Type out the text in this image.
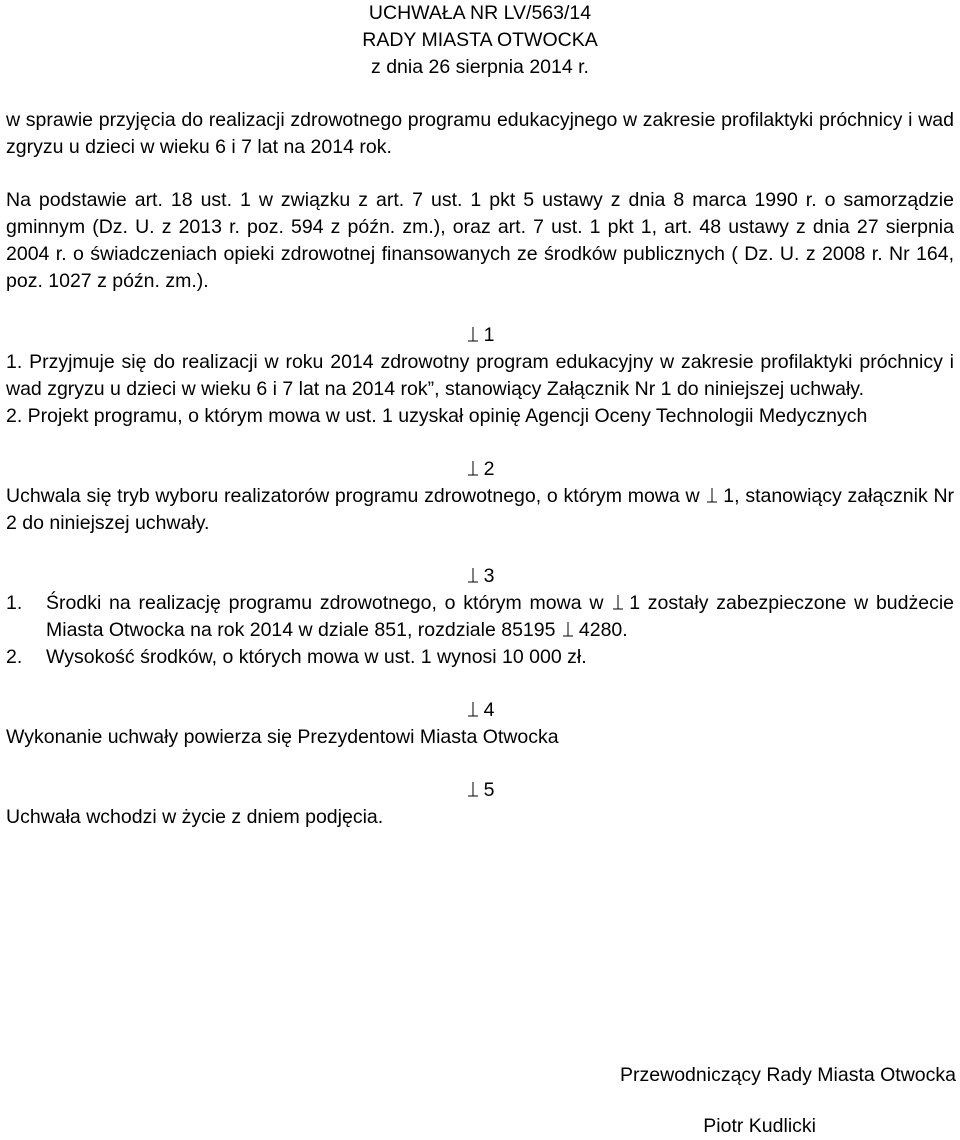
UCHWAŁA NR LV/563/14
RADY MIASTA OTWOCKA
z dnia 26 sierpnia 2014 r.
w sprawie przyjęcia do realizacji zdrowotnego programu edukacyjnego w zakresie profilaktyki próchnicy i wad zgryzu u dzieci w wieku 6 i 7 lat na 2014 rok.
Na podstawie art. 18 ust. 1 w związku z art. 7 ust. 1 pkt 5 ustawy z dnia 8 marca 1990 r. o samorządzie gminnym (Dz. U. z 2013 r. poz. 594 z późn. zm.), oraz art. 7 ust. 1 pkt 1, art. 48 ustawy z dnia 27 sierpnia 2004 r. o świadczeniach opieki zdrowotnej finansowanych ze środków publicznych ( Dz. U. z 2008 r. Nr 164, poz. 1027 z późn. zm.).
1
1. Przyjmuje się do realizacji w roku 2014 zdrowotny program edukacyjny w zakresie profilaktyki próchnicy i wad zgryzu u dzieci w wieku 6 i 7 lat na 2014 rok”, stanowiący Załącznik Nr 1 do niniejszej uchwały.
2. Projekt programu, o którym mowa w ust. 1 uzyskał opinię Agencji Oceny Technologii Medycznych
2
Uchwala się tryb wyboru realizatorów programu zdrowotnego, o którym mowa w 1, stanowiący załącznik Nr 2 do niniejszej uchwały.
3
1. Środki na realizację programu zdrowotnego, o którym mowa w 1 zostały zabezpieczone w budżecie Miasta Otwocka na rok 2014 w dziale 851, rozdziale 85195 4280.
2. Wysokość środków, o których mowa w ust. 1 wynosi 10 000 zł.
4
Wykonanie uchwały powierza się Prezydentowi Miasta Otwocka
5
Uchwała wchodzi w życie z dniem podjęcia.
Przewodniczący Rady Miasta Otwocka
Piotr Kudlicki
